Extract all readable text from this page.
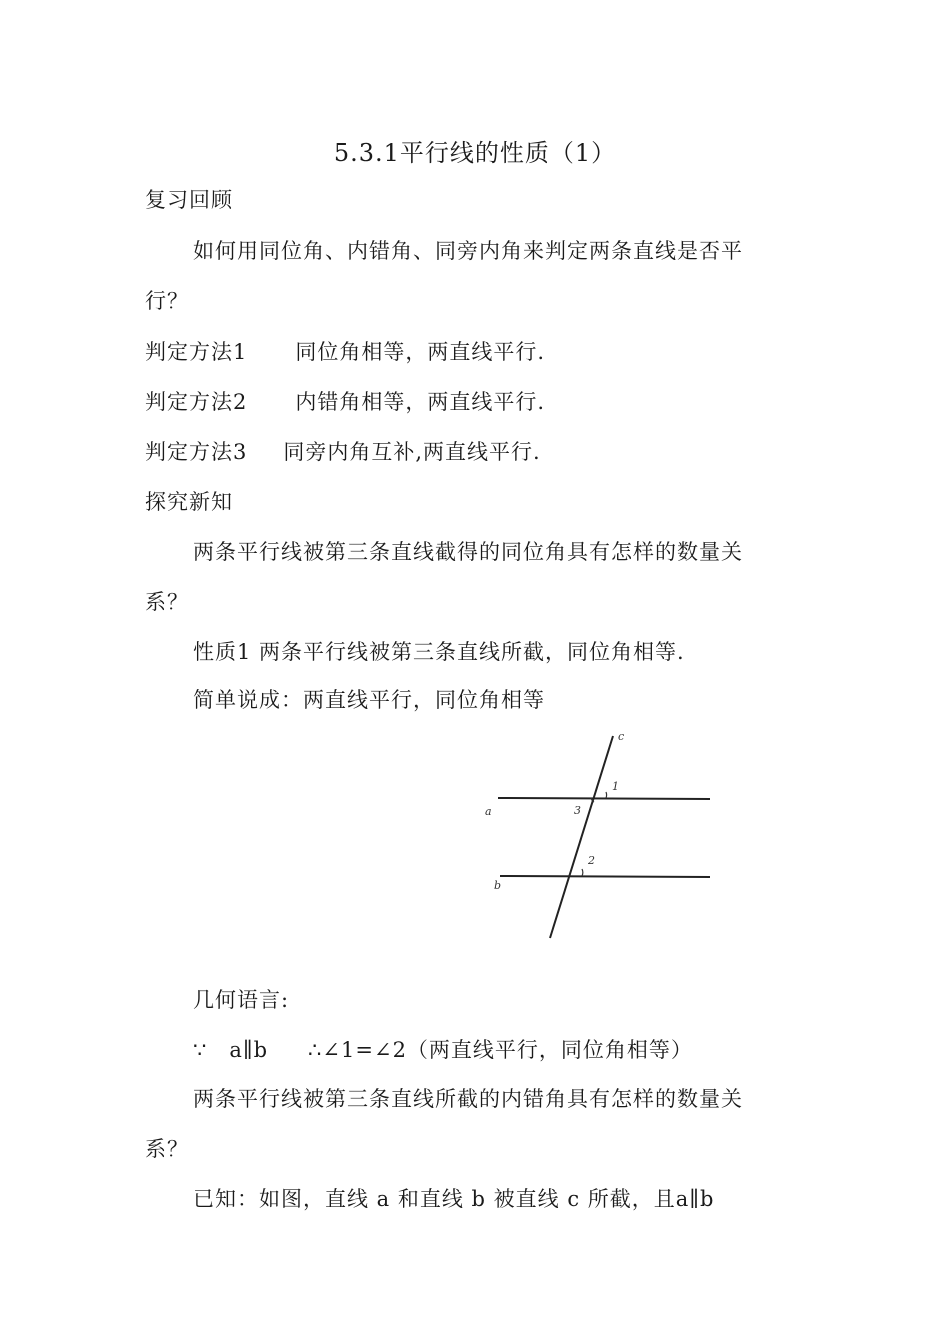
5.3.1平行线的性质（1）
复习回顾
如何用同位角、内错角、同旁内角来判定两条直线是否平
行？
判定方法1 同位角相等，两直线平行.
判定方法2 内错角相等，两直线平行.
判定方法3 同旁内角互补,两直线平行.
探究新知
两条平行线被第三条直线截得的同位角具有怎样的数量关
系？
性质1 两条平行线被第三条直线所截，同位角相等.
简单说成：两直线平行，同位角相等
c
a
b
1
3
2
几何语言:
∵ a∥b ∴∠1=∠2（两直线平行，同位角相等）
两条平行线被第三条直线所截的内错角具有怎样的数量关
系？
已知：如图，直线 a 和直线 b 被直线 c 所截，且a∥b
